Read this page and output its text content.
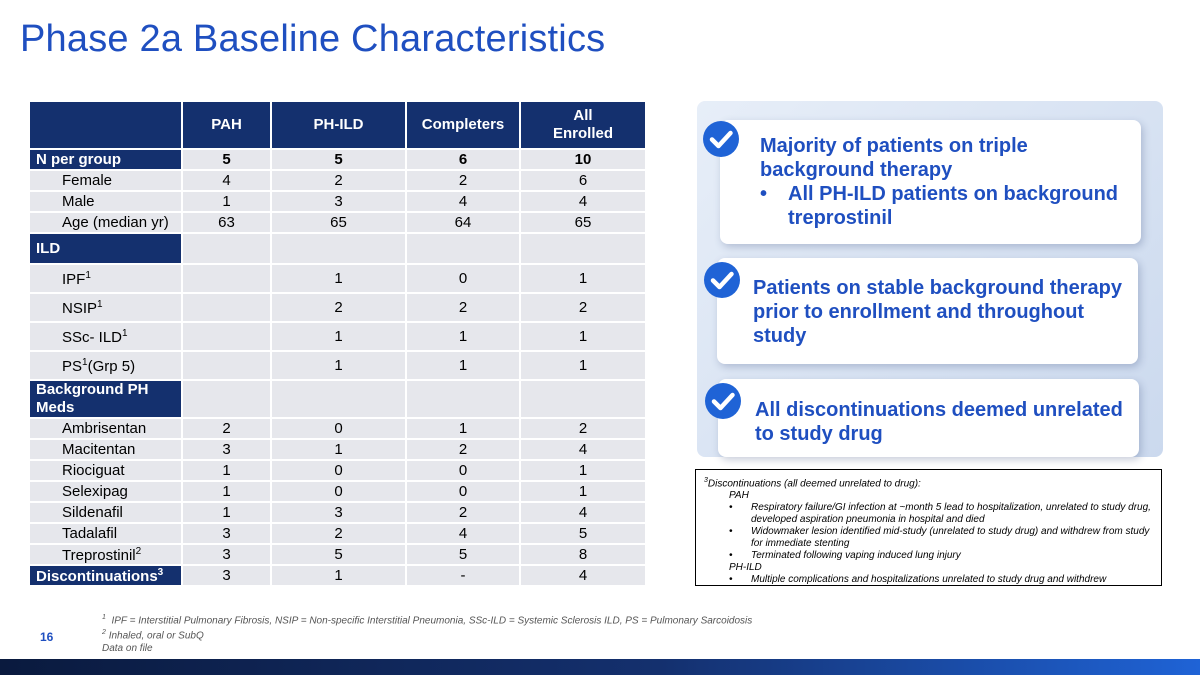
Phase 2a Baseline Characteristics
	PAH	PH-ILD	Completers	All
Enrolled
N per group	5	5	6	10
Female	4	2	2	6
Male	1	3	4	4
Age (median yr)	63	65	64	65
ILD				
IPF$^1$		1	0	1
NSIP$^1$		2	2	2
SSc- ILD$^1$		1	1	1
$PS^1(Grp$ 5)		1	1	1
Background PH
Meds				
Ambrisentan	2	0	1	2
Macitentan	3	1	2	4
Riociguat	1	0	0	1
Selexipag	1	0	0	1
Sildenafil	1	3	2	4
Tadalafil	3	2	4	5
Treprostinil$^2$	3	5	5	8
Discontinuations$^3$	3	1	-	4
Majority of patients on triple background therapy
•	All PH-ILD patients on background treprostinil
Patients on stable background therapy prior to enrollment and throughout study
All discontinuations deemed unrelated to study drug
$^3$Discontinuations (all deemed unrelated to drug):
PAH
•	Respiratory failure/GI infection at ~month 5 lead to hospitalization, unrelated to study drug, developed aspiration pneumonia in hospital and died
•	Widowmaker lesion identified mid-study (unrelated to study drug) and withdrew from study for immediate stenting
•	Terminated following vaping induced lung injury
PH-ILD
•	Multiple complications and hospitalizations unrelated to study drug and withdrew
$^1$ IPF = Interstitial Pulmonary Fibrosis, NSIP = Non-specific Interstitial Pneumonia, SSc-ILD = Systemic Sclerosis ILD, PS = Pulmonary Sarcoidosis
$^2$ Inhaled, oral or SubQ
Data on file
16
